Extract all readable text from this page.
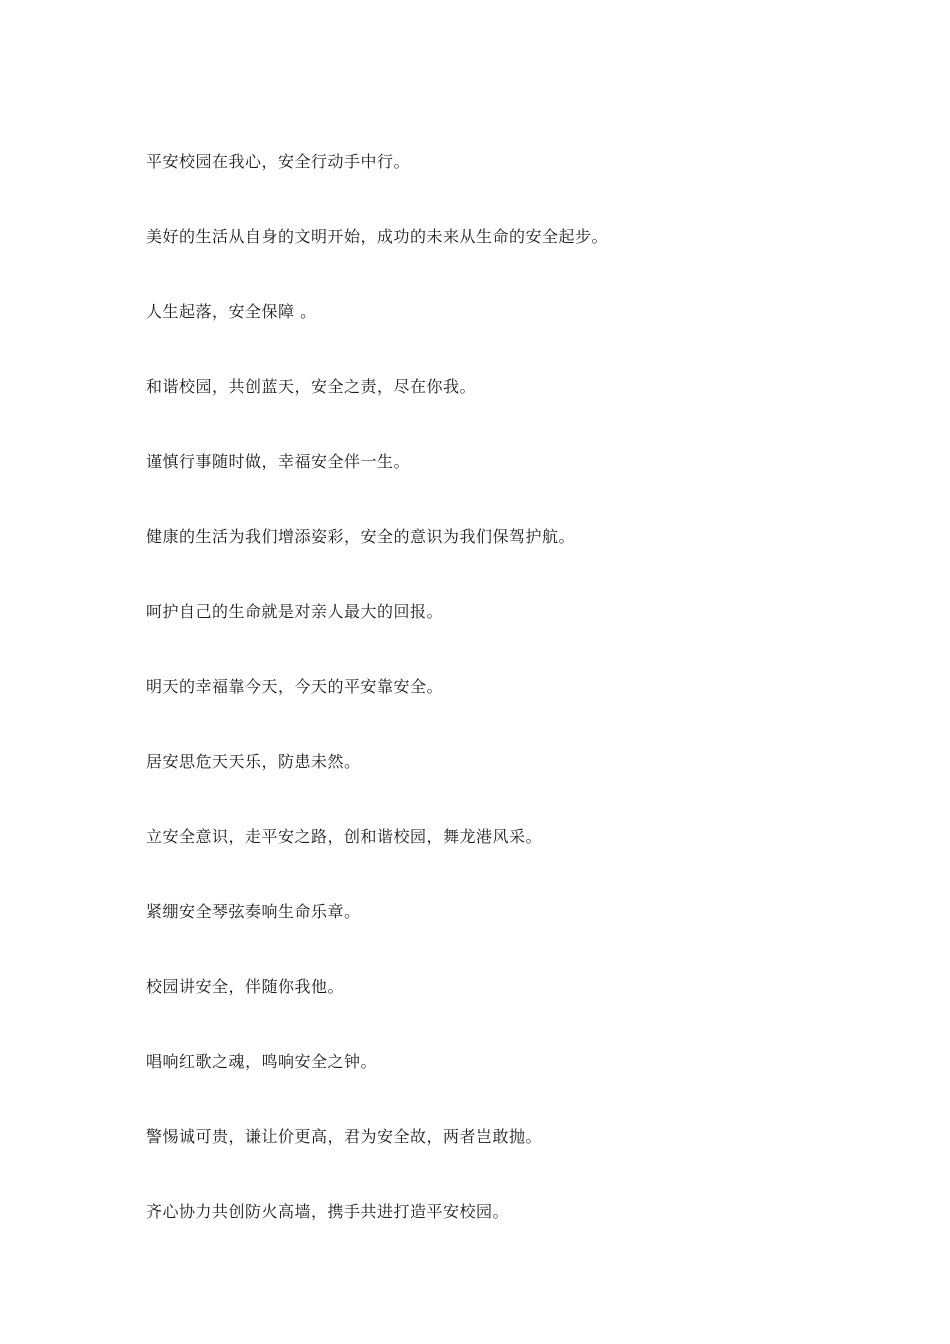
平安校园在我心，安全行动手中行。
美好的生活从自身的文明开始，成功的未来从生命的安全起步。
人生起落，安全保障 。
和谐校园，共创蓝天，安全之责，尽在你我。
谨慎行事随时做，幸福安全伴一生。
健康的生活为我们增添姿彩，安全的意识为我们保驾护航。
呵护自己的生命就是对亲人最大的回报。
明天的幸福靠今天，今天的平安靠安全。
居安思危天天乐，防患未然。
立安全意识，走平安之路，创和谐校园，舞龙港风采。
紧绷安全琴弦奏响生命乐章。
校园讲安全，伴随你我他。
唱响红歌之魂，鸣响安全之钟。
警惕诚可贵，谦让价更高，君为安全故，两者岂敢抛。
齐心协力共创防火高墙，携手共进打造平安校园。
